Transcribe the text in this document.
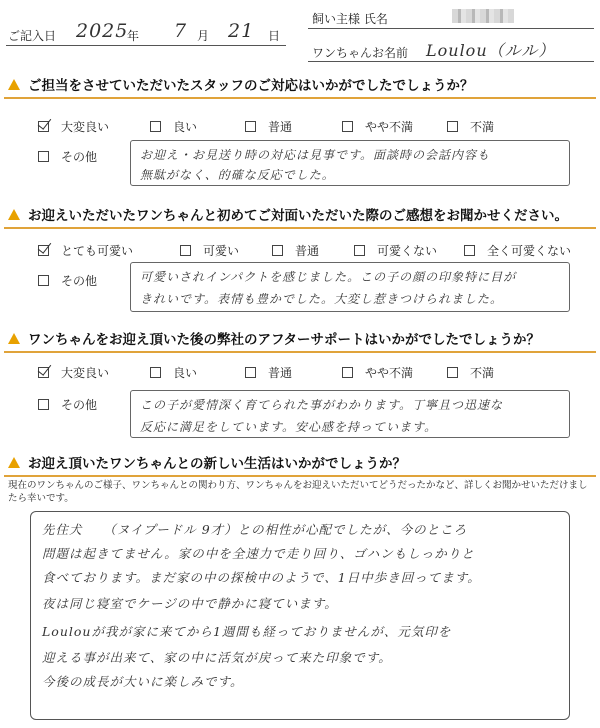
ご記入日 2025
年 7 月 21 日
飼い主様 氏名
ワンちゃんお名前 Loulou（ルル）
ご担当をさせていただいたスタッフのご対応はいかがでしたでしょうか？
大変良い	良い	普通	やや不満	不満
その他	お迎え・お見送り時の対応は見事です。面談時の会話内容も
無駄がなく、的確な反応でした。
お迎えいただいたワンちゃんと初めてご対面いただいた際のご感想をお聞かせください。
とても可愛い	可愛い	普通	可愛くない	全く可愛くない
その他	可愛いされインパクトを感じました。この子の顔の印象特に目が
きれいです。表情も豊かでした。大変し惹きつけられました。
ワンちゃんをお迎え頂いた後の弊社のアフターサポートはいかがでしたでしょうか？
大変良い	良い	普通	やや不満	不満
その他	この子が愛情深く育てられた事がわかります。丁寧且つ迅速な
反応に満足をしています。安心感を持っています。
お迎え頂いたワンちゃんとの新しい生活はいかがでしょうか？
現在のワンちゃんのご様子、ワンちゃんとの関わり方、ワンちゃんをお迎えいただいてどうだったかなど、詳しくお聞かせいただけまし
たら幸いです。
先住犬　　（ヌイプードル 9才）との相性が心配でしたが、今のところ
問題は起きてません。家の中を全速力で走り回り、ゴハンもしっかりと
食べております。まだ家の中の探検中のようで、1日中歩き回ってます。
夜は同じ寝室でケージの中で静かに寝ています。
Loulouが我が家に来てから1週間も経っておりませんが、元気印を
迎える事が出来て、家の中に活気が戻って来た印象です。
今後の成長が大いに楽しみです。
